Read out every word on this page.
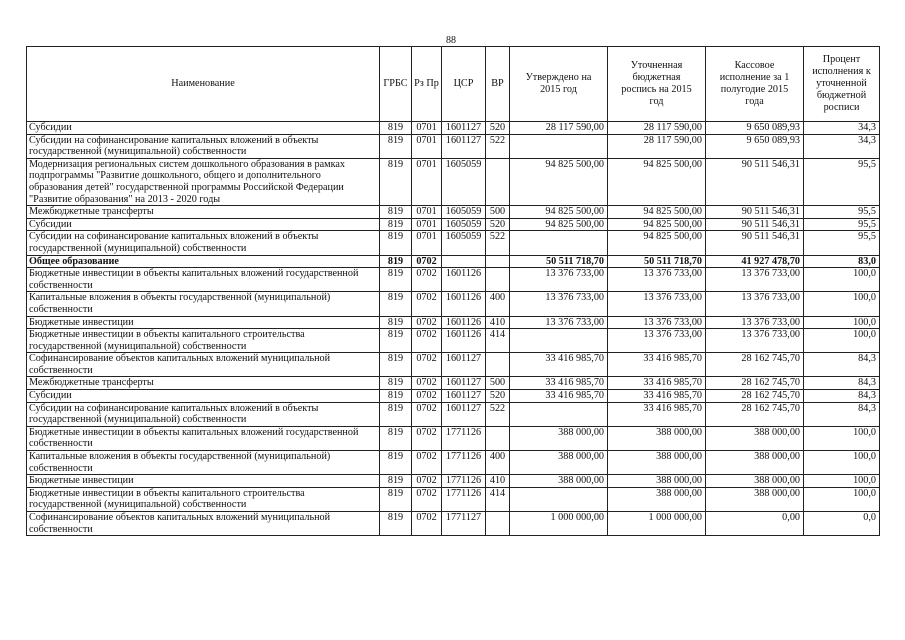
88
Наименование	ГРБС	Рз Пр	ЦСР	ВР	Утверждено на 2015 год	Уточненная бюджетная роспись на 2015 год	Кассовое исполнение за 1 полугодие 2015 года	Процент исполнения к уточненной бюджетной росписи
Субсидии	819	0701	1601127	520	28 117 590,00	28 117 590,00	9 650 089,93	34,3
Субсидии на софинансирование капитальных вложений в объекты государственной (муниципальной) собственности	819	0701	1601127	522		28 117 590,00	9 650 089,93	34,3
Модернизация региональных систем дошкольного образования в рамках подпрограммы "Развитие дошкольного, общего и дополнительного образования детей" государственной программы Российской Федерации "Развитие образования" на 2013 - 2020 годы	819	0701	1605059		94 825 500,00	94 825 500,00	90 511 546,31	95,5
Межбюджетные трансферты	819	0701	1605059	500	94 825 500,00	94 825 500,00	90 511 546,31	95,5
Субсидии	819	0701	1605059	520	94 825 500,00	94 825 500,00	90 511 546,31	95,5
Субсидии на софинансирование капитальных вложений в объекты государственной (муниципальной) собственности	819	0701	1605059	522		94 825 500,00	90 511 546,31	95,5
Общее образование	819	0702			50 511 718,70	50 511 718,70	41 927 478,70	83,0
Бюджетные инвестиции в объекты капитальных вложений государственной собственности	819	0702	1601126		13 376 733,00	13 376 733,00	13 376 733,00	100,0
Капитальные вложения в объекты государственной (муниципальной) собственности	819	0702	1601126	400	13 376 733,00	13 376 733,00	13 376 733,00	100,0
Бюджетные инвестиции	819	0702	1601126	410	13 376 733,00	13 376 733,00	13 376 733,00	100,0
Бюджетные инвестиции в объекты капитального строительства государственной (муниципальной) собственности	819	0702	1601126	414		13 376 733,00	13 376 733,00	100,0
Софинансирование объектов капитальных вложений муниципальной собственности	819	0702	1601127		33 416 985,70	33 416 985,70	28 162 745,70	84,3
Межбюджетные трансферты	819	0702	1601127	500	33 416 985,70	33 416 985,70	28 162 745,70	84,3
Субсидии	819	0702	1601127	520	33 416 985,70	33 416 985,70	28 162 745,70	84,3
Субсидии на софинансирование капитальных вложений в объекты государственной (муниципальной) собственности	819	0702	1601127	522		33 416 985,70	28 162 745,70	84,3
Бюджетные инвестиции в объекты капитальных вложений государственной собственности	819	0702	1771126		388 000,00	388 000,00	388 000,00	100,0
Капитальные вложения в объекты государственной (муниципальной) собственности	819	0702	1771126	400	388 000,00	388 000,00	388 000,00	100,0
Бюджетные инвестиции	819	0702	1771126	410	388 000,00	388 000,00	388 000,00	100,0
Бюджетные инвестиции в объекты капитального строительства государственной (муниципальной) собственности	819	0702	1771126	414		388 000,00	388 000,00	100,0
Софинансирование объектов капитальных вложений муниципальной собственности	819	0702	1771127		1 000 000,00	1 000 000,00	0,00	0,0
